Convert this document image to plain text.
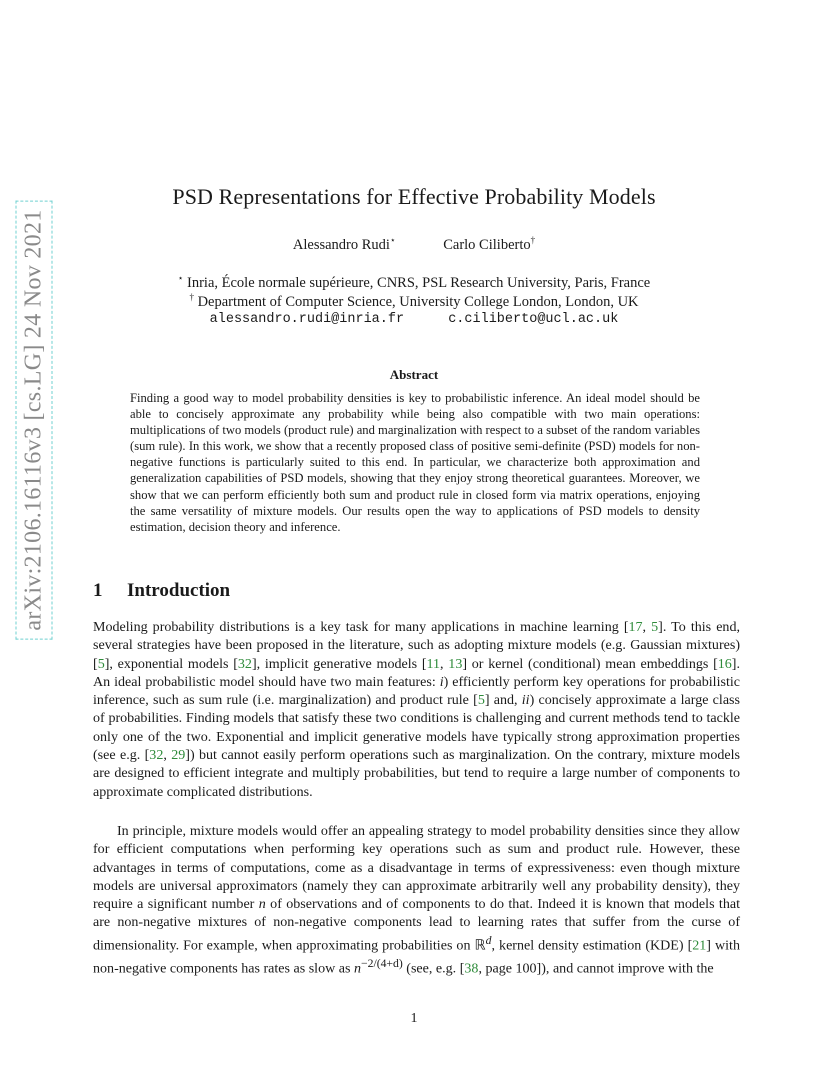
arXiv:2106.16116v3 [cs.LG] 24 Nov 2021
PSD Representations for Effective Probability Models
Alessandro Rudi⋆	Carlo Ciliberto†
⋆ Inria, École normale supérieure, CNRS, PSL Research University, Paris, France
† Department of Computer Science, University College London, London, UK
alessandro.rudi@inria.fr	c.ciliberto@ucl.ac.uk
Abstract
Finding a good way to model probability densities is key to probabilistic inference. An ideal model should be able to concisely approximate any probability while being also compatible with two main operations: multiplications of two models (product rule) and marginalization with respect to a subset of the random variables (sum rule). In this work, we show that a recently proposed class of positive semi-definite (PSD) models for non-negative functions is particularly suited to this end. In particular, we characterize both approximation and generalization capabilities of PSD models, showing that they enjoy strong theoretical guarantees. Moreover, we show that we can perform efficiently both sum and product rule in closed form via matrix operations, enjoying the same versatility of mixture models. Our results open the way to applications of PSD models to density estimation, decision theory and inference.
1 Introduction
Modeling probability distributions is a key task for many applications in machine learning [17, 5]. To this end, several strategies have been proposed in the literature, such as adopting mixture models (e.g. Gaussian mixtures) [5], exponential models [32], implicit generative models [11, 13] or kernel (conditional) mean embeddings [16]. An ideal probabilistic model should have two main features: i) efficiently perform key operations for probabilistic inference, such as sum rule (i.e. marginalization) and product rule [5] and, ii) concisely approximate a large class of probabilities. Finding models that satisfy these two conditions is challenging and current methods tend to tackle only one of the two. Exponential and implicit generative models have typically strong approximation properties (see e.g. [32, 29]) but cannot easily perform operations such as marginalization. On the contrary, mixture models are designed to efficient integrate and multiply probabilities, but tend to require a large number of components to approximate complicated distributions.
In principle, mixture models would offer an appealing strategy to model probability densities since they allow for efficient computations when performing key operations such as sum and product rule. However, these advantages in terms of computations, come as a disadvantage in terms of expressiveness: even though mixture models are universal approximators (namely they can approximate arbitrarily well any probability density), they require a significant number n of observations and of components to do that. Indeed it is known that models that are non-negative mixtures of non-negative components lead to learning rates that suffer from the curse of dimensionality. For example, when approximating probabilities on ℝ$^d$, kernel density estimation (KDE) [21] with non-negative components has rates as slow as $n^{-2/(4+d)}$ (see, e.g. [38, page 100]), and cannot improve with the
1
